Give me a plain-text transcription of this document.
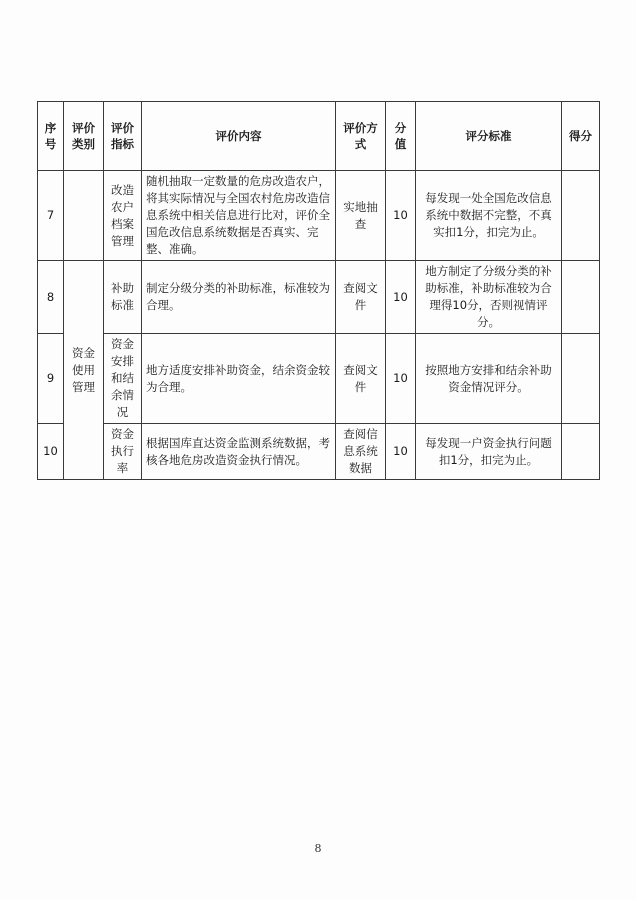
序号	评价类别	评价指标	评价内容	评价方式	分值	评分标准	得分
7		改造农户档案管理	随机抽取一定数量的危房改造农户，将其实际情况与全国农村危房改造信息系统中相关信息进行比对，评价全国危改信息系统数据是否真实、完整、准确。	实地抽查	10	每发现一处全国危改信息系统中数据不完整，不真实扣1分，扣完为止。	
8	资金使用管理	补助标准	制定分级分类的补助标准，标准较为合理。	查阅文件	10	地方制定了分级分类的补助标准，补助标准较为合理得10分，否则视情评分。	
9		资金安排和结余情况	地方适度安排补助资金，结余资金较为合理。	查阅文件	10	按照地方安排和结余补助资金情况评分。	
10		资金执行率	根据国库直达资金监测系统数据，考核各地危房改造资金执行情况。	查阅信息系统数据	10	每发现一户资金执行问题扣1分，扣完为止。	
8
